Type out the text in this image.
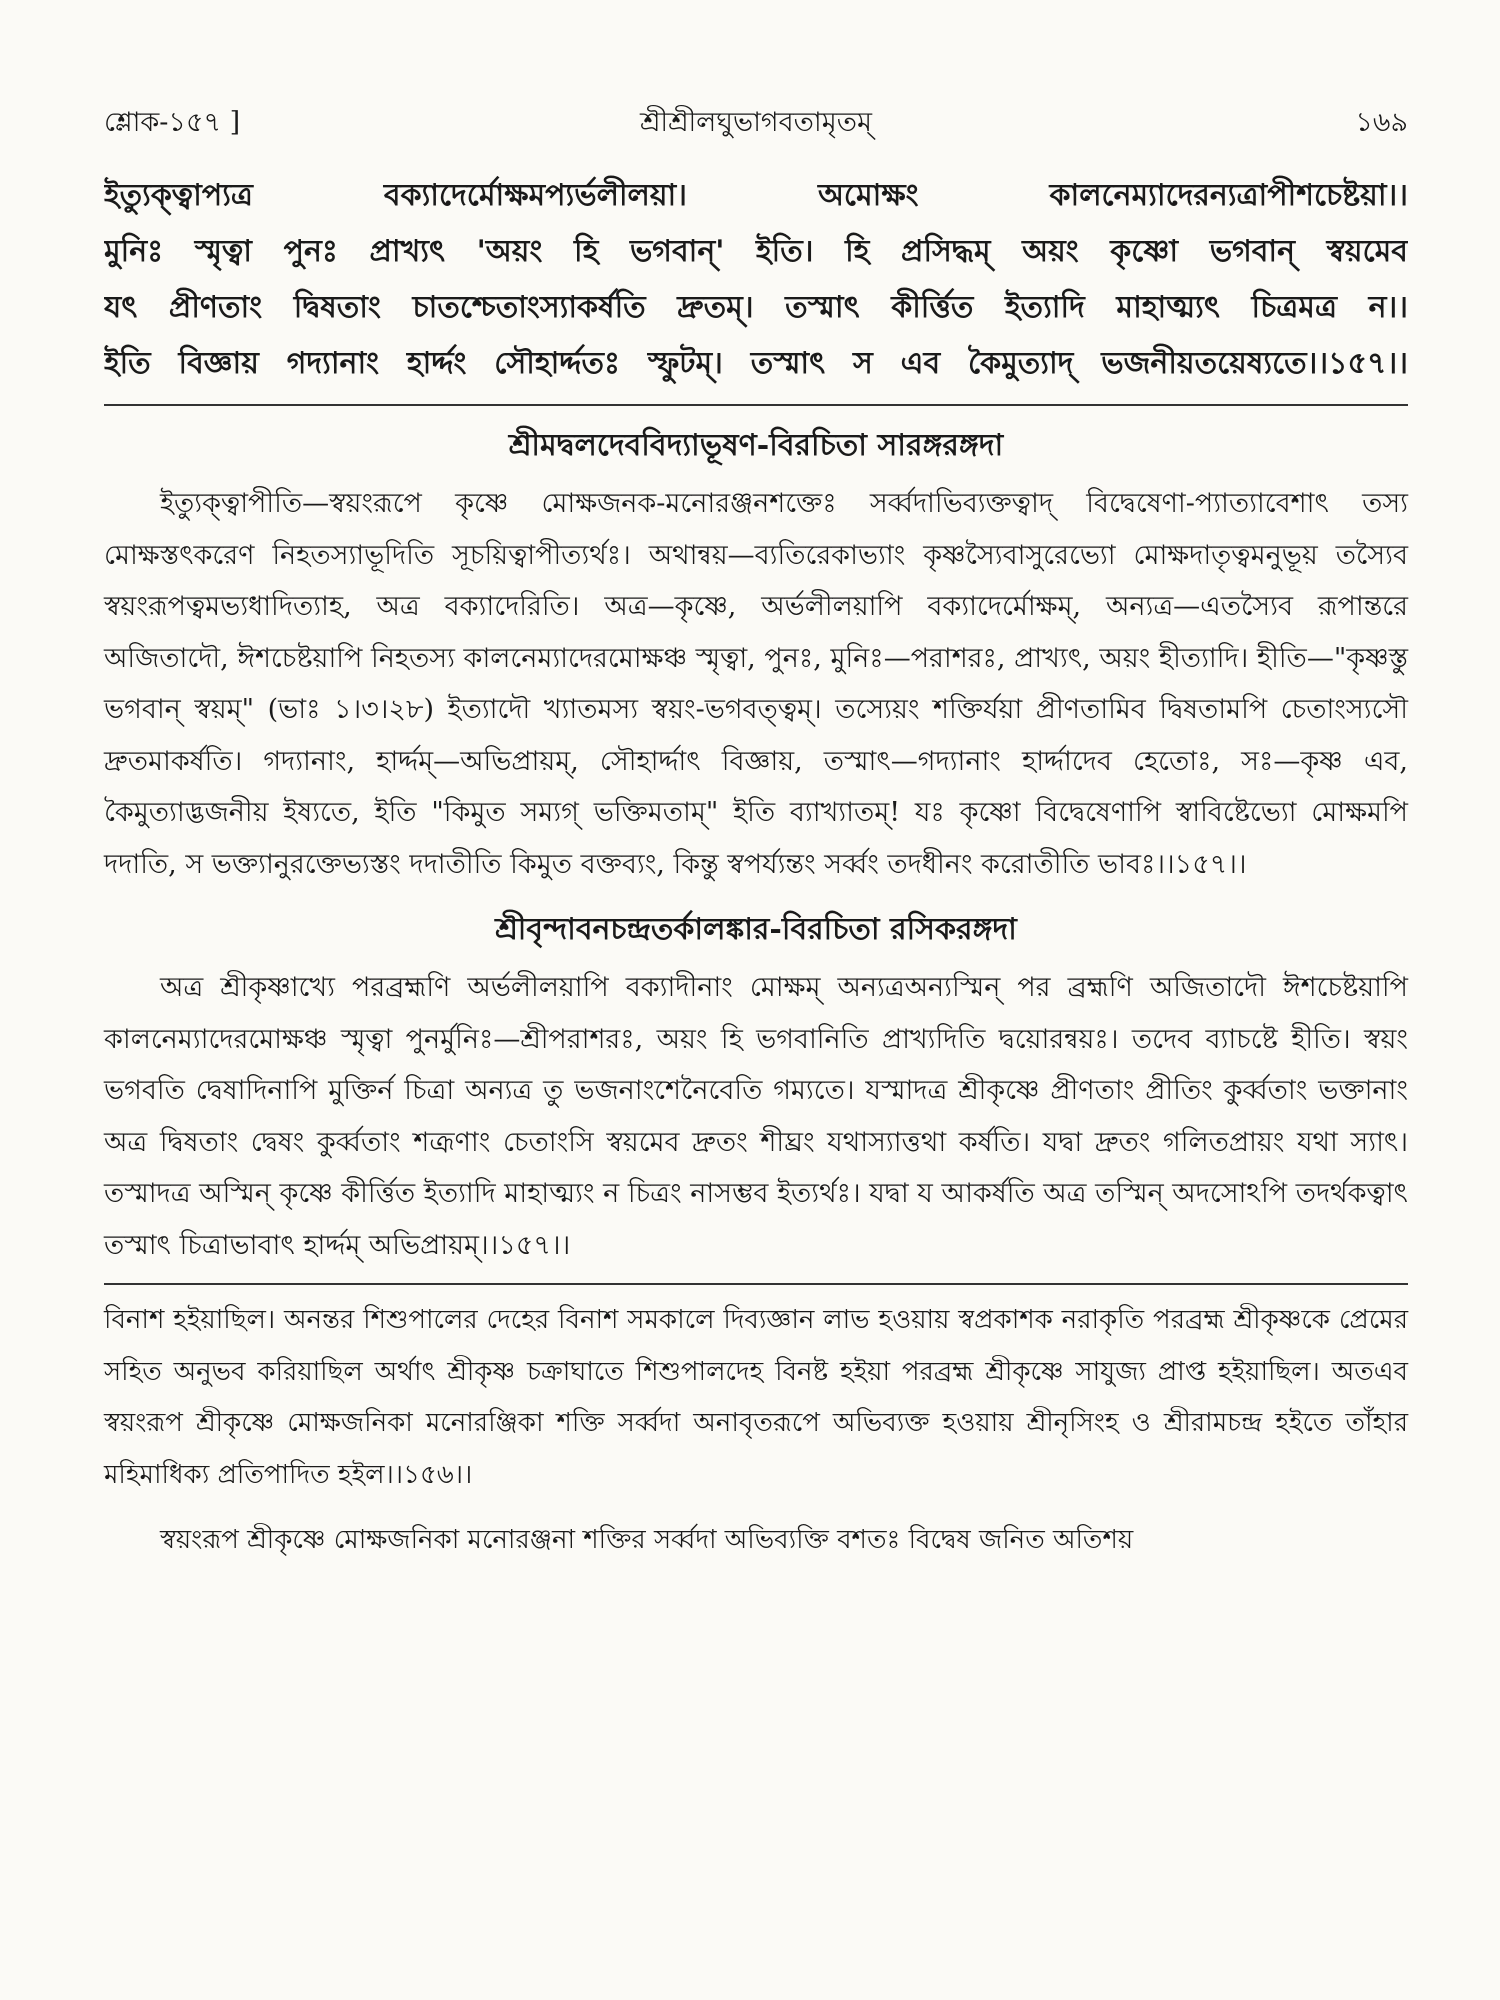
শ্লোক-১৫৭ ]	শ্রীশ্রীলঘুভাগবতামৃতম্	১৬৯

ইত্যুক্ত্বাপ্যত্র বক্যাদের্মোক্ষমপ্যর্ভলীলয়া। অমোক্ষং কালনেম্যাদেরন্যত্রাপীশচেষ্টয়া।।

মুনিঃ স্মৃত্বা পুনঃ প্রাখ্যৎ 'অয়ং হি ভগবান্' ইতি। হি প্রসিদ্ধম্ অয়ং কৃষ্ণো ভগবান্ স্বয়মেব

যৎ প্রীণতাং দ্বিষতাং চাতশ্চেতাংস্যাকর্ষতি দ্রুতম্। তস্মাৎ কীর্ত্তিত ইত্যাদি মাহাত্ম্যৎ চিত্রমত্র ন।।

ইতি বিজ্ঞায় গদ্যানাং হার্দ্দং সৌহার্দ্দতঃ স্ফুটম্। তস্মাৎ স এব কৈমুত্যাদ্ ভজনীয়তয়েষ্যতে।।১৫৭।।

শ্রীমদ্বলদেববিদ্যাভূষণ-বিরচিতা সারঙ্গরঙ্গদা

ইত্যুক্ত্বাপীতি—স্বয়ংরূপে কৃষ্ণে মোক্ষজনক-মনোরঞ্জনশক্তেঃ সর্ব্বদাভিব্যক্তত্বাদ্ বিদ্বেষেণা-প্যাত্যাবেশাৎ তস্য মোক্ষস্তৎকরেণ নিহতস্যাভূদিতি সূচয়িত্বাপীত্যর্থঃ। অথান্বয়—ব্যতিরেকাভ্যাং কৃষ্ণস্যৈবাসুরেভ্যো মোক্ষদাতৃত্বমনুভূয় তস্যৈব স্বয়ংরূপত্বমভ্যধাদিত্যাহ, অত্র বক্যাদেরিতি। অত্র—কৃষ্ণে, অর্ভলীলয়াপি বক্যাদের্মোক্ষম্, অন্যত্র—এতস্যৈব রূপান্তরে অজিতাদৌ, ঈশচেষ্টয়াপি নিহতস্য কালনেম্যাদেরমোক্ষঞ্চ স্মৃত্বা, পুনঃ, মুনিঃ—পরাশরঃ, প্রাখ্যৎ, অয়ং হীত্যাদি। হীতি—"কৃষ্ণস্তু ভগবান্ স্বয়ম্" (ভাঃ ১।৩।২৮) ইত্যাদৌ খ্যাতমস্য স্বয়ং-ভগবত্ত্বম্। তস্যেয়ং শক্তির্যয়া প্রীণতামিব দ্বিষতামপি চেতাংস্যসৌ দ্রুতমাকর্ষতি। গদ্যানাং, হার্দ্দম্—অভিপ্রায়ম্, সৌহার্দ্দাৎ বিজ্ঞায়, তস্মাৎ—গদ্যানাং হার্দ্দাদেব হেতোঃ, সঃ—কৃষ্ণ এব, কৈমুত্যাদ্ভজনীয় ইষ্যতে, ইতি "কিমুত সম্যগ্ ভক্তিমতাম্" ইতি ব্যাখ্যাতম্! যঃ কৃষ্ণো বিদ্বেষেণাপি স্বাবিষ্টেভ্যো মোক্ষমপি দদাতি, স ভক্ত্যানুরক্তেভ্যস্তং দদাতীতি কিমুত বক্তব্যং, কিন্তু স্বপর্য্যন্তং সর্ব্বং তদধীনং করোতীতি ভাবঃ।।১৫৭।।

শ্রীবৃন্দাবনচন্দ্রতর্কালঙ্কার-বিরচিতা রসিকরঙ্গদা

অত্র শ্রীকৃষ্ণাখ্যে পরব্রহ্মণি অর্ভলীলয়াপি বক্যাদীনাং মোক্ষম্ অন্যত্রঅন্যস্মিন্ পর ব্রহ্মণি অজিতাদৌ ঈশচেষ্টয়াপি কালনেম্যাদেরমোক্ষঞ্চ স্মৃত্বা পুনর্মুনিঃ—শ্রীপরাশরঃ, অয়ং হি ভগবানিতি প্রাখ্যদিতি দ্বয়োরন্বয়ঃ। তদেব ব্যাচষ্টে হীতি। স্বয়ং ভগবতি দ্বেষাদিনাপি মুক্তির্ন চিত্রা অন্যত্র তু ভজনাংশেনৈবেতি গম্যতে। যস্মাদত্র শ্রীকৃষ্ণে প্রীণতাং প্রীতিং কুর্ব্বতাং ভক্তানাং অত্র দ্বিষতাং দ্বেষং কুর্ব্বতাং শত্রূণাং চেতাংসি স্বয়মেব দ্রুতং শীঘ্রং যথাস্যাত্তথা কর্ষতি। যদ্বা দ্রুতং গলিতপ্রায়ং যথা স্যাৎ। তস্মাদত্র অস্মিন্ কৃষ্ণে কীর্ত্তিত ইত্যাদি মাহাত্ম্যং ন চিত্রং নাসম্ভব ইত্যর্থঃ। যদ্বা য আকর্ষতি অত্র তস্মিন্ অদসোঽপি তদর্থকত্বাৎ তস্মাৎ চিত্রাভাবাৎ হার্দ্দম্ অভিপ্রায়ম্।।১৫৭।।

বিনাশ হইয়াছিল। অনন্তর শিশুপালের দেহের বিনাশ সমকালে দিব্যজ্ঞান লাভ হওয়ায় স্বপ্রকাশক নরাকৃতি পরব্রহ্ম শ্রীকৃষ্ণকে প্রেমের সহিত অনুভব করিয়াছিল অর্থাৎ শ্রীকৃষ্ণ চক্রাঘাতে শিশুপালদেহ বিনষ্ট হইয়া পরব্রহ্ম শ্রীকৃষ্ণে সাযুজ্য প্রাপ্ত হইয়াছিল। অতএব স্বয়ংরূপ শ্রীকৃষ্ণে মোক্ষজনিকা মনোরঞ্জিকা শক্তি সর্ব্বদা অনাবৃতরূপে অভিব্যক্ত হওয়ায় শ্রীনৃসিংহ ও শ্রীরামচন্দ্র হইতে তাঁহার মহিমাধিক্য প্রতিপাদিত হইল।।১৫৬।।

স্বয়ংরূপ শ্রীকৃষ্ণে মোক্ষজনিকা মনোরঞ্জনা শক্তির সর্ব্বদা অভিব্যক্তি বশতঃ বিদ্বেষ জনিত অতিশয়
